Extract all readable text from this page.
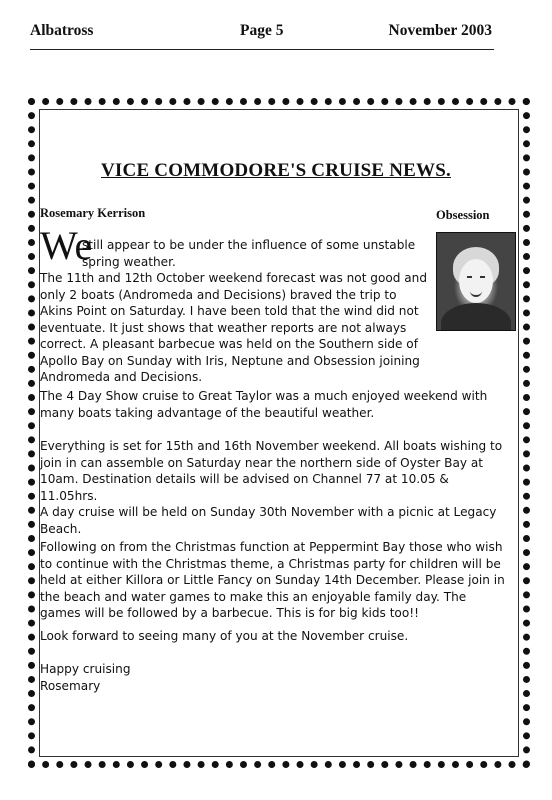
Albatross	Page 5	November 2003
VICE COMMODORE'S CRUISE NEWS.
Rosemary Kerrison	Obsession
We

still appear to be under the influence of some unstable spring weather.

The 11th and 12th October weekend forecast was not good and only 2 boats (Andromeda and Decisions) braved the trip to Akins Point on Saturday. I have been told that the wind did not eventuate. It just shows that weather reports are not always correct. A pleasant barbecue was held on the Southern side of Apollo Bay on Sunday with Iris, Neptune and Obsession joining Andromeda and Decisions.

The 4 Day Show cruise to Great Taylor was a much enjoyed weekend with many boats taking advantage of the beautiful weather.

Everything is set for 15th and 16th November weekend. All boats wishing to join in can assemble on Saturday near the northern side of Oyster Bay at 10am. Destination details will be advised on Channel 77 at 10.05 & 11.05hrs.

A day cruise will be held on Sunday 30th November with a picnic at Legacy Beach.

Following on from the Christmas function at Peppermint Bay those who wish to continue with the Christmas theme, a Christmas party for children will be held at either Killora or Little Fancy on Sunday 14th December. Please join in the beach and water games to make this an enjoyable family day. The games will be followed by a barbecue. This is for big kids too!!

Look forward to seeing many of you at the November cruise.

Happy cruising
Rosemary
